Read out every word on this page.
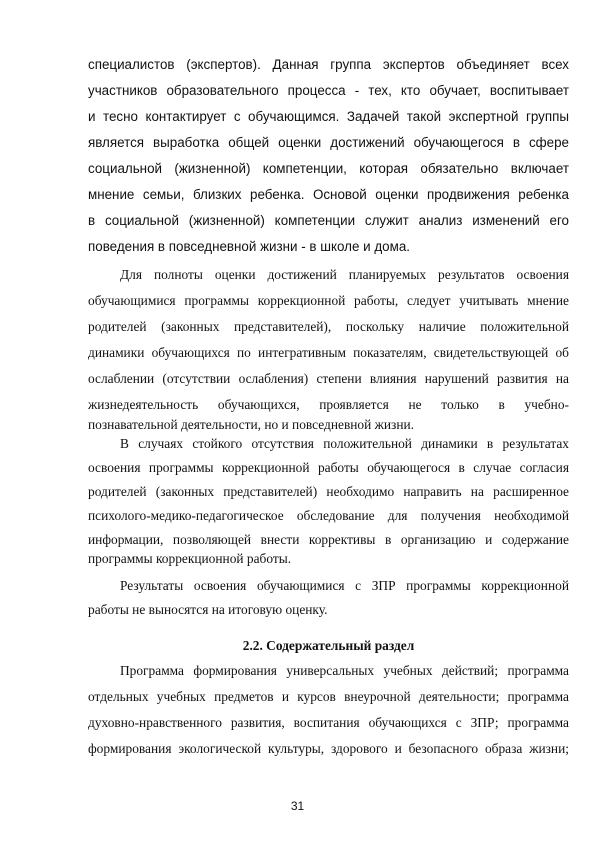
специалистов (экспертов). Данная группа экспертов объединяет всех
участников образовательного процесса - тех, кто обучает, воспитывает
и тесно контактирует с обучающимся. Задачей такой экспертной группы
является выработка общей оценки достижений обучающегося в сфере
социальной (жизненной) компетенции, которая обязательно включает
мнение семьи, близких ребенка. Основой оценки продвижения ребенка
в социальной (жизненной) компетенции служит анализ изменений его
поведения в повседневной жизни - в школе и дома.
Для полноты оценки достижений планируемых результатов освоения
обучающимися программы коррекционной работы, следует учитывать мнение
родителей (законных представителей), поскольку наличие положительной
динамики обучающихся по интегративным показателям, свидетельствующей об
ослаблении (отсутствии ослабления) степени влияния нарушений развития на
жизнедеятельность обучающихся, проявляется не только в учебно-
познавательной деятельности, но и повседневной жизни.
В случаях стойкого отсутствия положительной динамики в результатах
освоения программы коррекционной работы обучающегося в случае согласия
родителей (законных представителей) необходимо направить на расширенное
психолого-медико-педагогическое обследование для получения необходимой
информации, позволяющей внести коррективы в организацию и содержание
программы коррекционной работы.
Результаты освоения обучающимися с ЗПР программы коррекционной
работы не выносятся на итоговую оценку.
2.2. Содержательный раздел
Программа формирования универсальных учебных действий; программа
отдельных учебных предметов и курсов внеурочной деятельности; программа
духовно-нравственного развития, воспитания обучающихся с ЗПР; программа
формирования экологической культуры, здорового и безопасного образа жизни;
31
